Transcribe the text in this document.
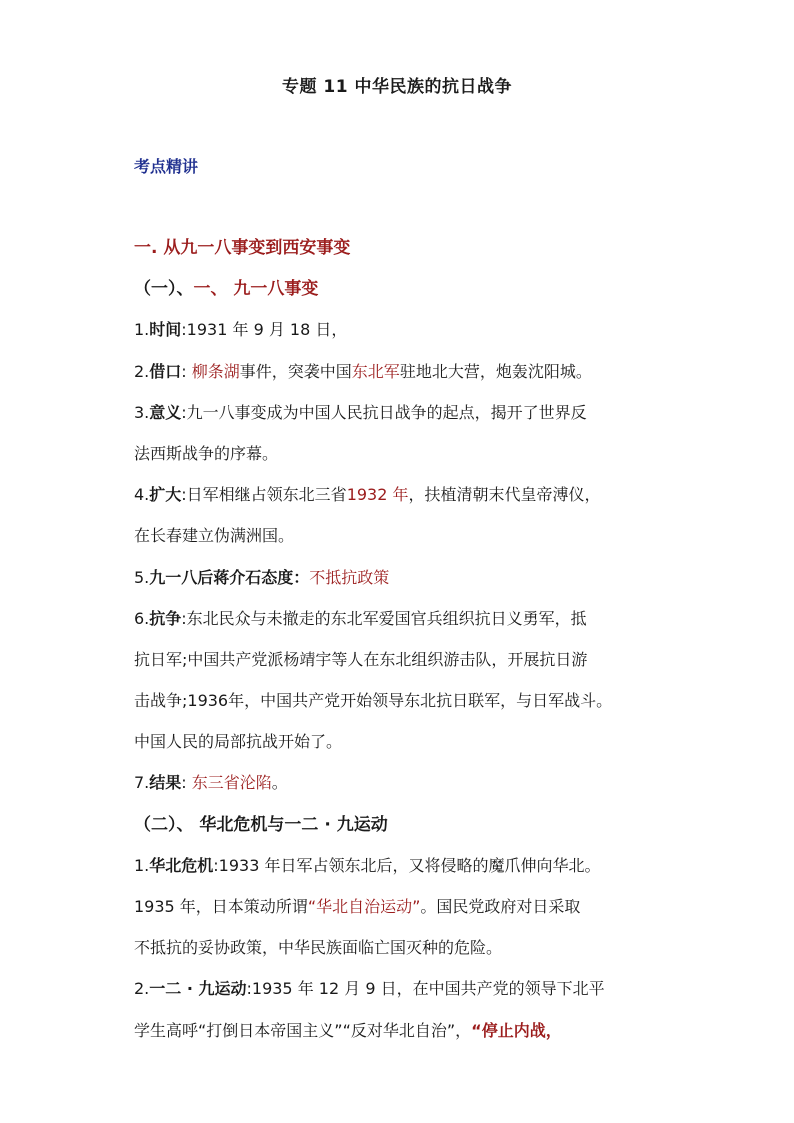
专题 11 中华民族的抗日战争
考点精讲
一. 从九一八事变到西安事变
（一）、一、 九一八事变
1.时间:1931 年 9 月 18 日，
2.借口: 柳条湖事件，突袭中国东北军驻地北大营，炮轰沈阳城。
3.意义:九一八事变成为中国人民抗日战争的起点，揭开了世界反
法西斯战争的序幕。
4.扩大:日军相继占领东北三省1932 年，扶植清朝末代皇帝溥仪，
在长春建立伪满洲国。
5.九一八后蒋介石态度：不抵抗政策
6.抗争:东北民众与未撤走的东北军爱国官兵组织抗日义勇军，抵
抗日军;中国共产党派杨靖宇等人在东北组织游击队，开展抗日游
击战争;1936年，中国共产党开始领导东北抗日联军，与日军战斗。
中国人民的局部抗战开始了。
7.结果: 东三省沦陷。
（二）、 华北危机与一二 · 九运动
1.华北危机:1933 年日军占领东北后，又将侵略的魔爪伸向华北。
1935 年，日本策动所谓“华北自治运动”。国民党政府对日采取
不抵抗的妥协政策，中华民族面临亡国灭种的危险。
2.一二 · 九运动:1935 年 12 月 9 日，在中国共产党的领导下北平
学生高呼“打倒日本帝国主义”“反对华北自治”，“停止内战，
